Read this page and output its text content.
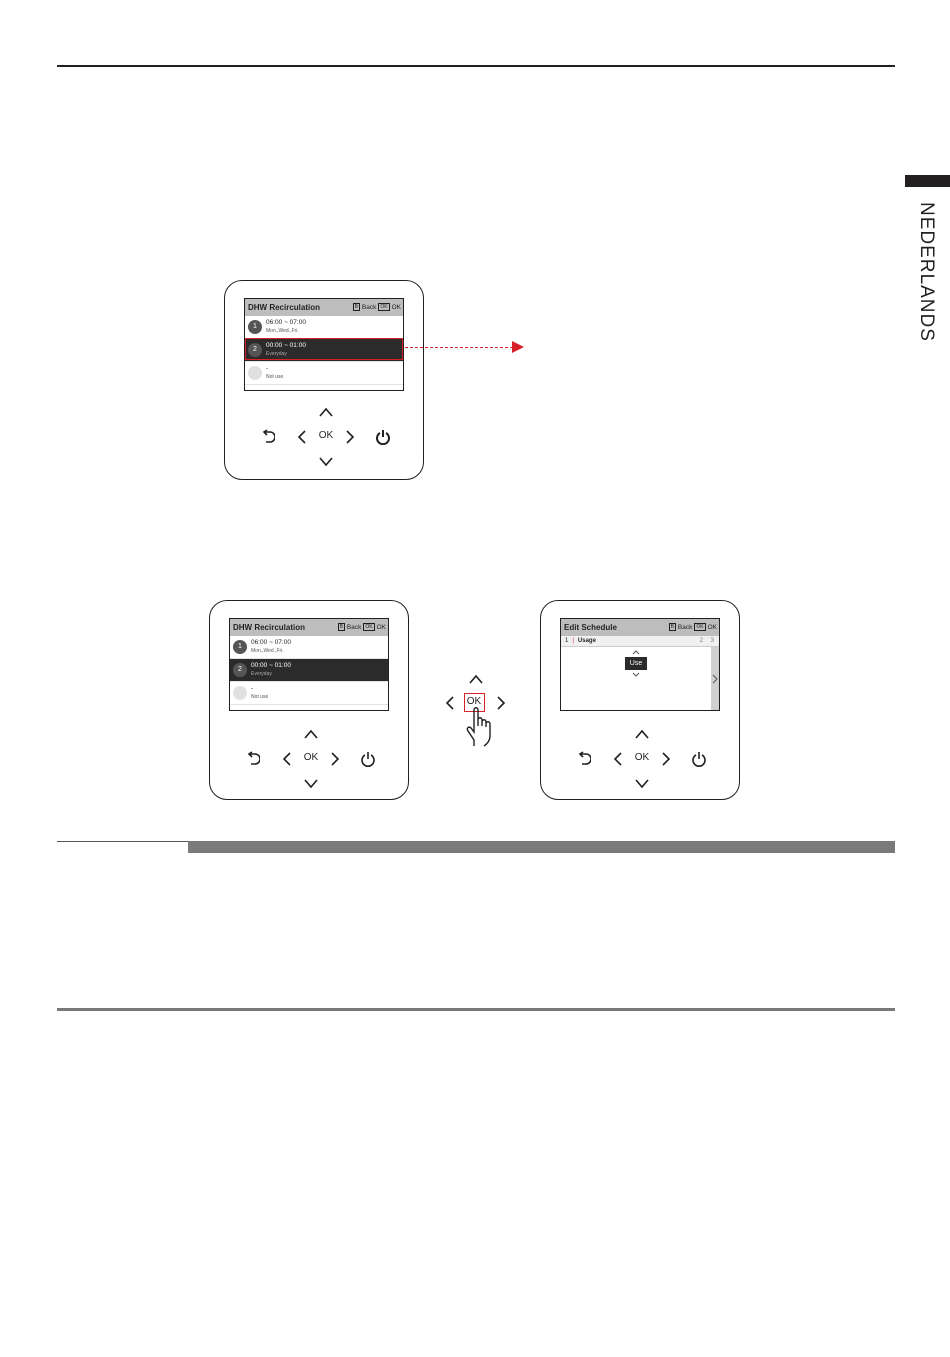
NEDERLANDS
DHW Recirculation	B Back OK OK
1
06:00 ~ 07:00
Mon.,Wed.,Fri.
2
00:00 ~ 01:00
Everyday
-
Not use
OK
DHW Recirculation	B Back OK OK
1
06:00 ~ 07:00
Mon.,Wed.,Fri.
2
00:00 ~ 01:00
Everyday
-
Not use
OK
OK
Edit Schedule	B Back OK OK
1 | Usage	2 3
Use
OK
